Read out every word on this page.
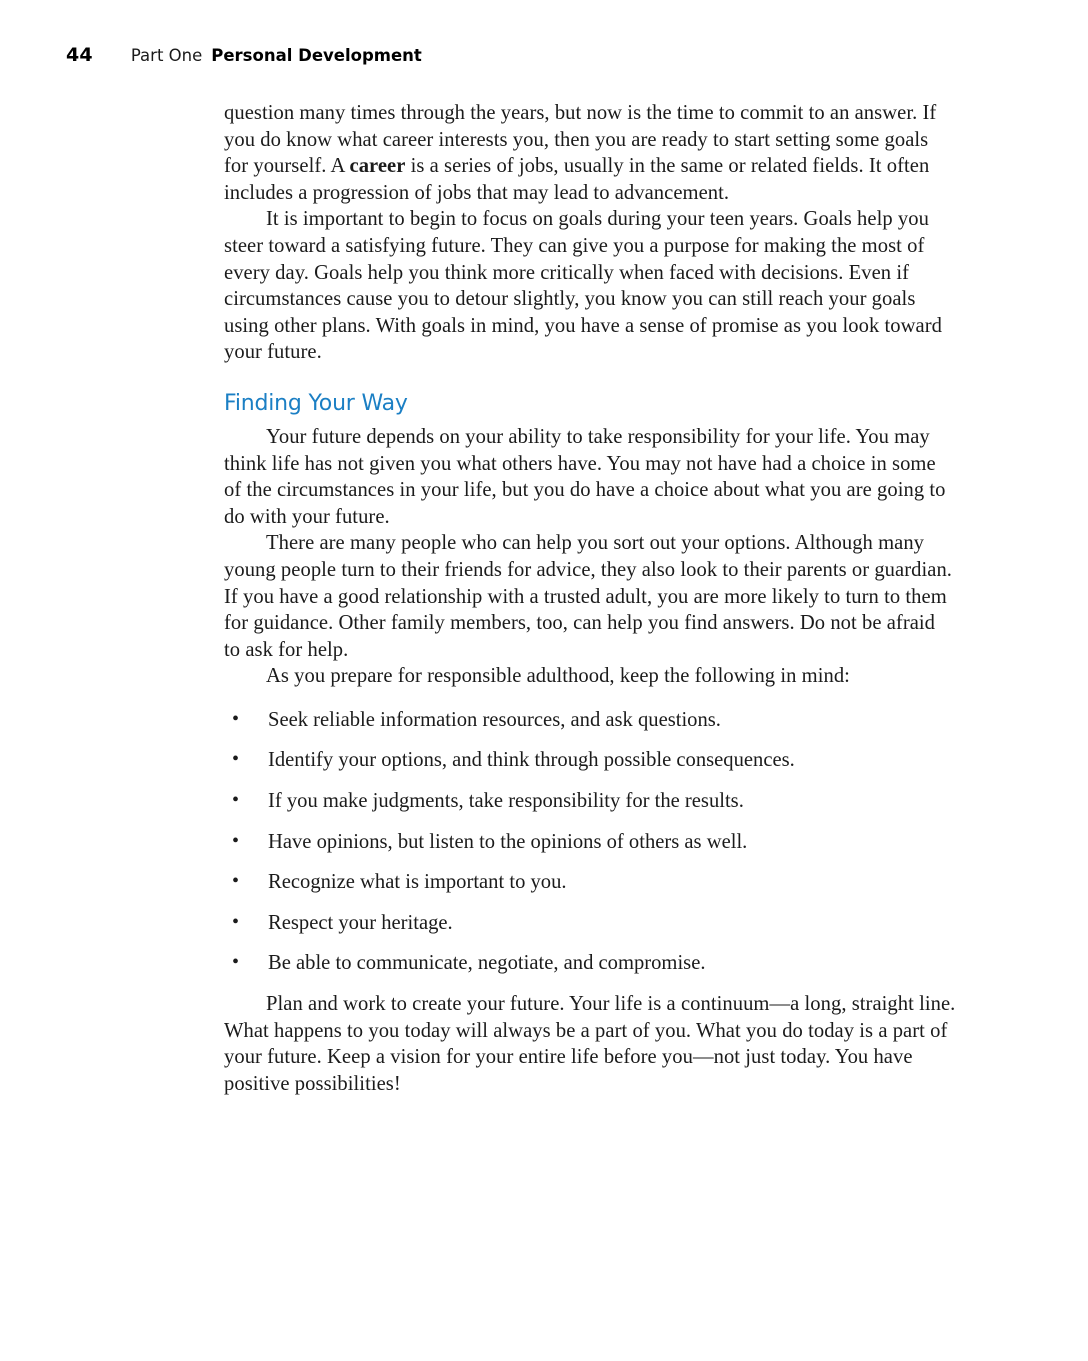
44 Part One Personal Development

question many times through the years, but now is the time to commit to an answer. If you do know what career interests you, then you are ready to start setting some goals for yourself. A career is a series of jobs, usually in the same or related fields. It often includes a progression of jobs that may lead to advancement.

It is important to begin to focus on goals during your teen years. Goals help you steer toward a satisfying future. They can give you a purpose for making the most of every day. Goals help you think more critically when faced with decisions. Even if circumstances cause you to detour slightly, you know you can still reach your goals using other plans. With goals in mind, you have a sense of promise as you look toward your future.

Finding Your Way

Your future depends on your ability to take responsibility for your life. You may think life has not given you what others have. You may not have had a choice in some of the circumstances in your life, but you do have a choice about what you are going to do with your future.

There are many people who can help you sort out your options. Although many young people turn to their friends for advice, they also look to their parents or guardian. If you have a good relationship with a trusted adult, you are more likely to turn to them for guidance. Other family members, too, can help you find answers. Do not be afraid to ask for help.

As you prepare for responsible adulthood, keep the following in mind:

• Seek reliable information resources, and ask questions.
• Identify your options, and think through possible consequences.
• If you make judgments, take responsibility for the results.
• Have opinions, but listen to the opinions of others as well.
• Recognize what is important to you.
• Respect your heritage.
• Be able to communicate, negotiate, and compromise.

Plan and work to create your future. Your life is a continuum—a long, straight line. What happens to you today will always be a part of you. What you do today is a part of your future. Keep a vision for your entire life before you—not just today. You have positive possibilities!
